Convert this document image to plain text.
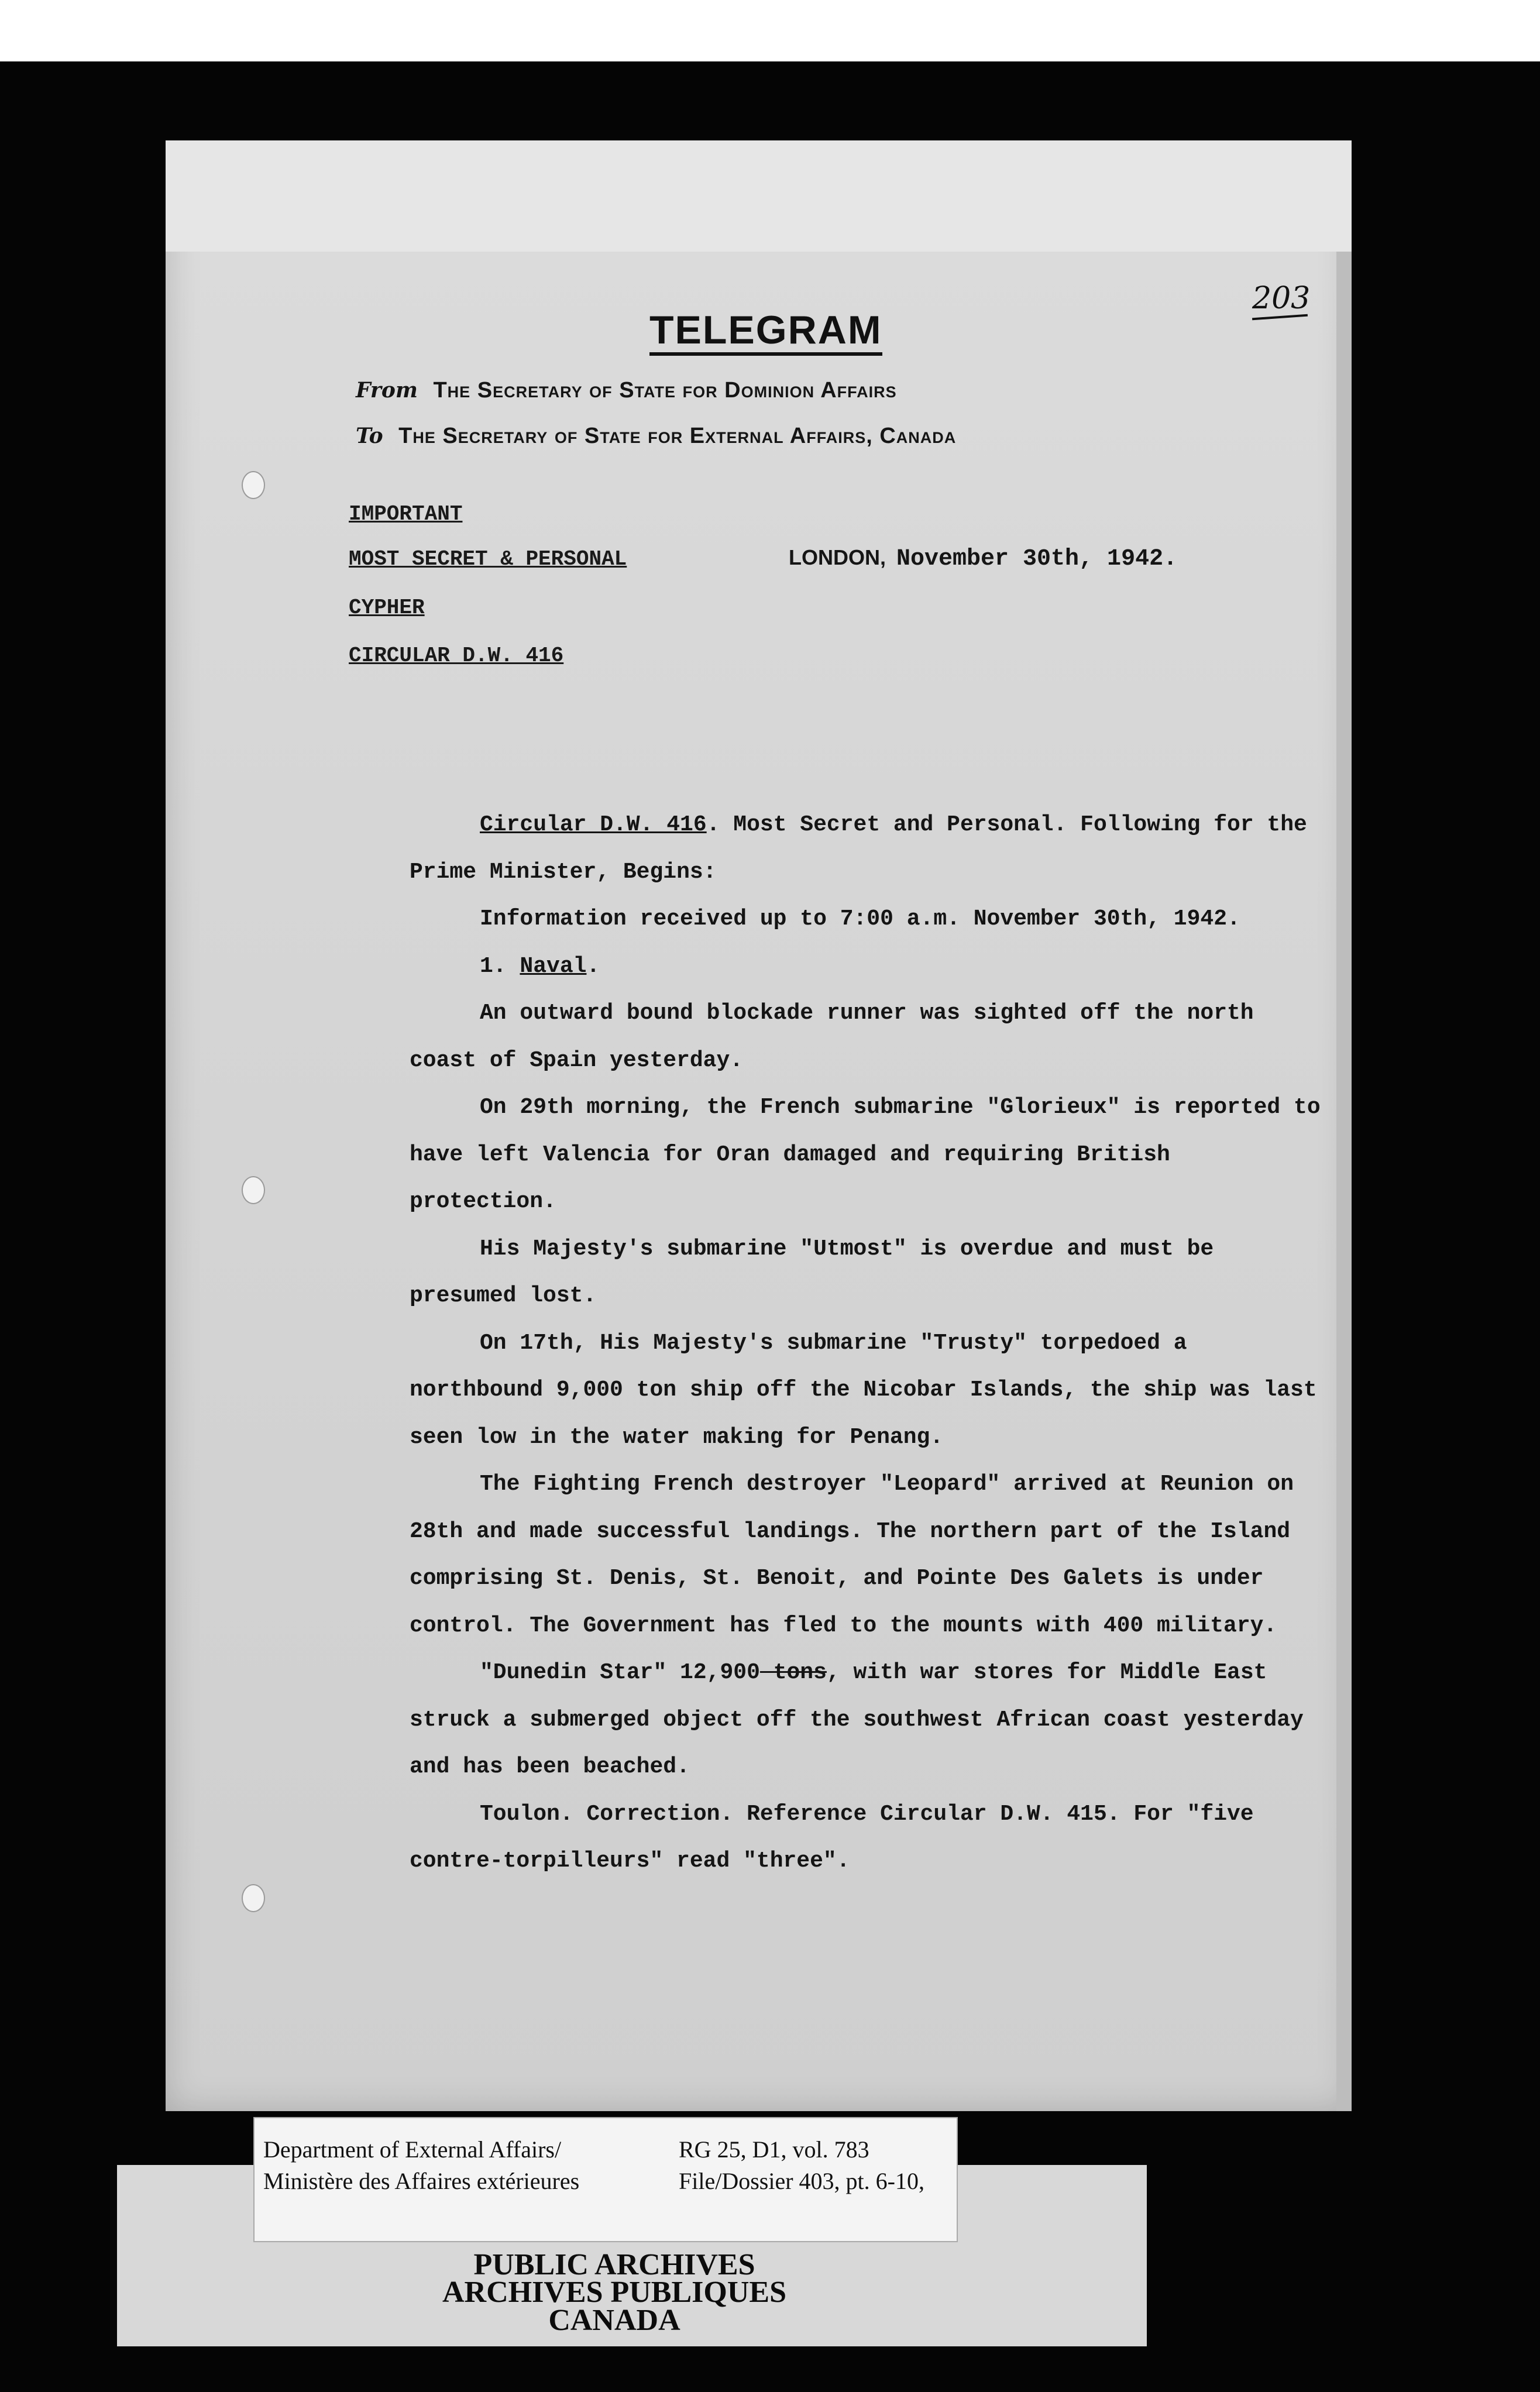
203
TELEGRAM
From The Secretary of State for Dominion Affairs
To The Secretary of State for External Affairs, Canada
IMPORTANT
MOST SECRET & PERSONAL
CYPHER
CIRCULAR D.W. 416
LONDON, November 30th, 1942.

Circular D.W. 416. Most Secret and Personal. Following for the Prime Minister, Begins:

Information received up to 7:00 a.m. November 30th, 1942.

1. Naval.

An outward bound blockade runner was sighted off the north coast of Spain yesterday.

On 29th morning, the French submarine "Glorieux" is reported to have left Valencia for Oran damaged and requiring British protection.

His Majesty's submarine "Utmost" is overdue and must be presumed lost.

On 17th, His Majesty's submarine "Trusty" torpedoed a northbound 9,000 ton ship off the Nicobar Islands, the ship was last seen low in the water making for Penang.

The Fighting French destroyer "Leopard" arrived at Reunion on 28th and made successful landings. The northern part of the Island comprising St. Denis, St. Benoit, and Pointe Des Galets is under control. The Government has fled to the mounts with 400 military.

"Dunedin Star" 12,900 tons, with war stores for Middle East struck a submerged object off the southwest African coast yesterday and has been beached.

Toulon. Correction. Reference Circular D.W. 415. For "five contre-torpilleurs" read "three".

Department of External Affairs/
Ministère des Affaires extérieures
RG 25, D1, vol. 783
File/Dossier 403, pt. 6-10,
PUBLIC ARCHIVES
ARCHIVES PUBLIQUES
CANADA
